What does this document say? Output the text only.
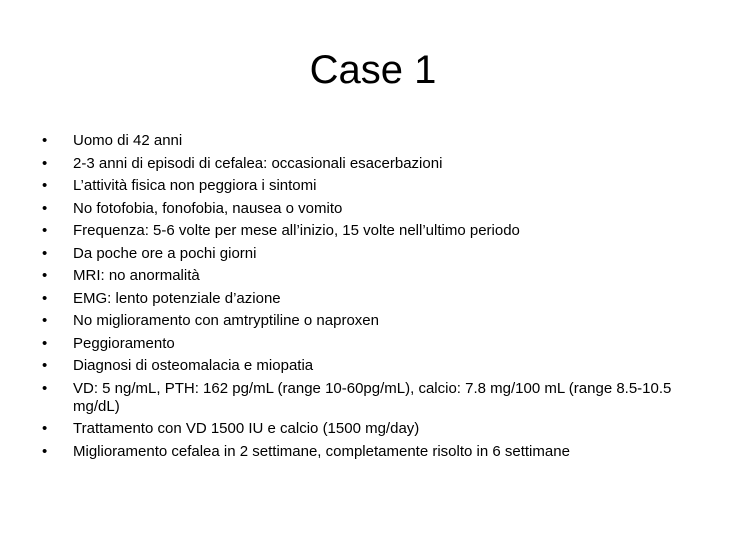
Case 1
•	Uomo di 42 anni
•	2-3 anni di episodi di cefalea: occasionali esacerbazioni
•	L’attività fisica non peggiora i sintomi
•	No fotofobia, fonofobia, nausea o vomito
•	Frequenza: 5-6 volte per mese all’inizio, 15 volte nell’ultimo periodo
•	Da poche ore a pochi giorni
•	MRI: no anormalità
•	EMG: lento potenziale d’azione
•	No miglioramento con amtryptiline o naproxen
•	Peggioramento
•	Diagnosi di osteomalacia e miopatia
•	VD: 5 ng/mL, PTH: 162 pg/mL (range 10-60pg/mL), calcio: 7.8 mg/100 mL (range 8.5-10.5 mg/dL)
•	Trattamento con VD 1500 IU e calcio (1500 mg/day)
•	Miglioramento cefalea in 2 settimane, completamente risolto in 6 settimane
